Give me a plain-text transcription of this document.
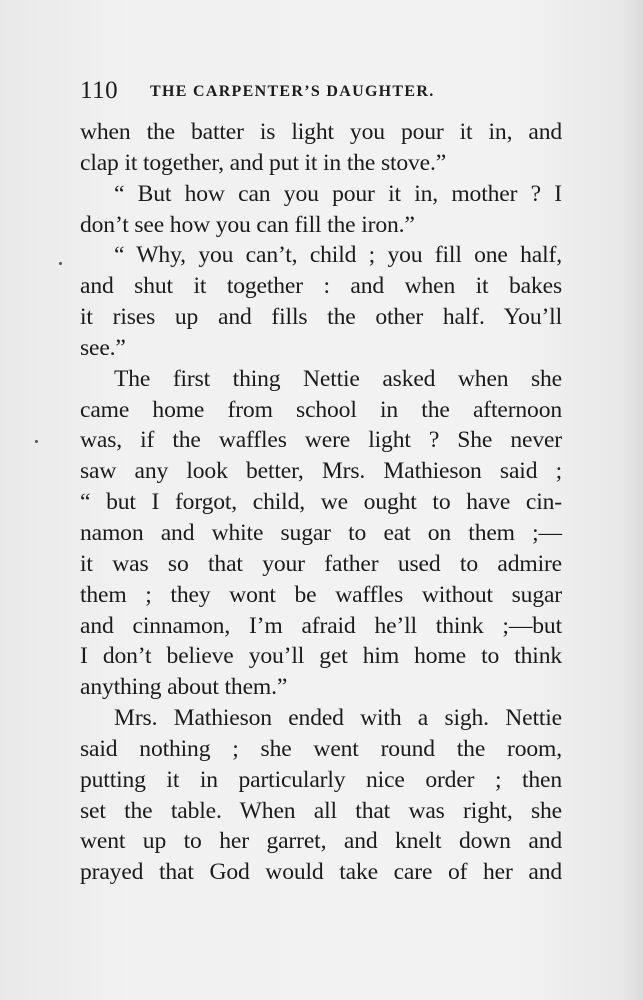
110 THE CARPENTER’S DAUGHTER.
when the batter is light you pour it in, and
clap it together, and put it in the stove.”
“ But how can you pour it in, mother ? I
don’t see how you can fill the iron.”
“ Why, you can’t, child ; you fill one half,
and shut it together : and when it bakes
it rises up and fills the other half. You’ll
see.”
The first thing Nettie asked when she
came home from school in the afternoon
was, if the waffles were light ? She never
saw any look better, Mrs. Mathieson said ;
“ but I forgot, child, we ought to have cin-
namon and white sugar to eat on them ;—
it was so that your father used to admire
them ; they wont be waffles without sugar
and cinnamon, I’m afraid he’ll think ;—but
I don’t believe you’ll get him home to think
anything about them.”
Mrs. Mathieson ended with a sigh. Nettie
said nothing ; she went round the room,
putting it in particularly nice order ; then
set the table. When all that was right, she
went up to her garret, and knelt down and
prayed that God would take care of her and
